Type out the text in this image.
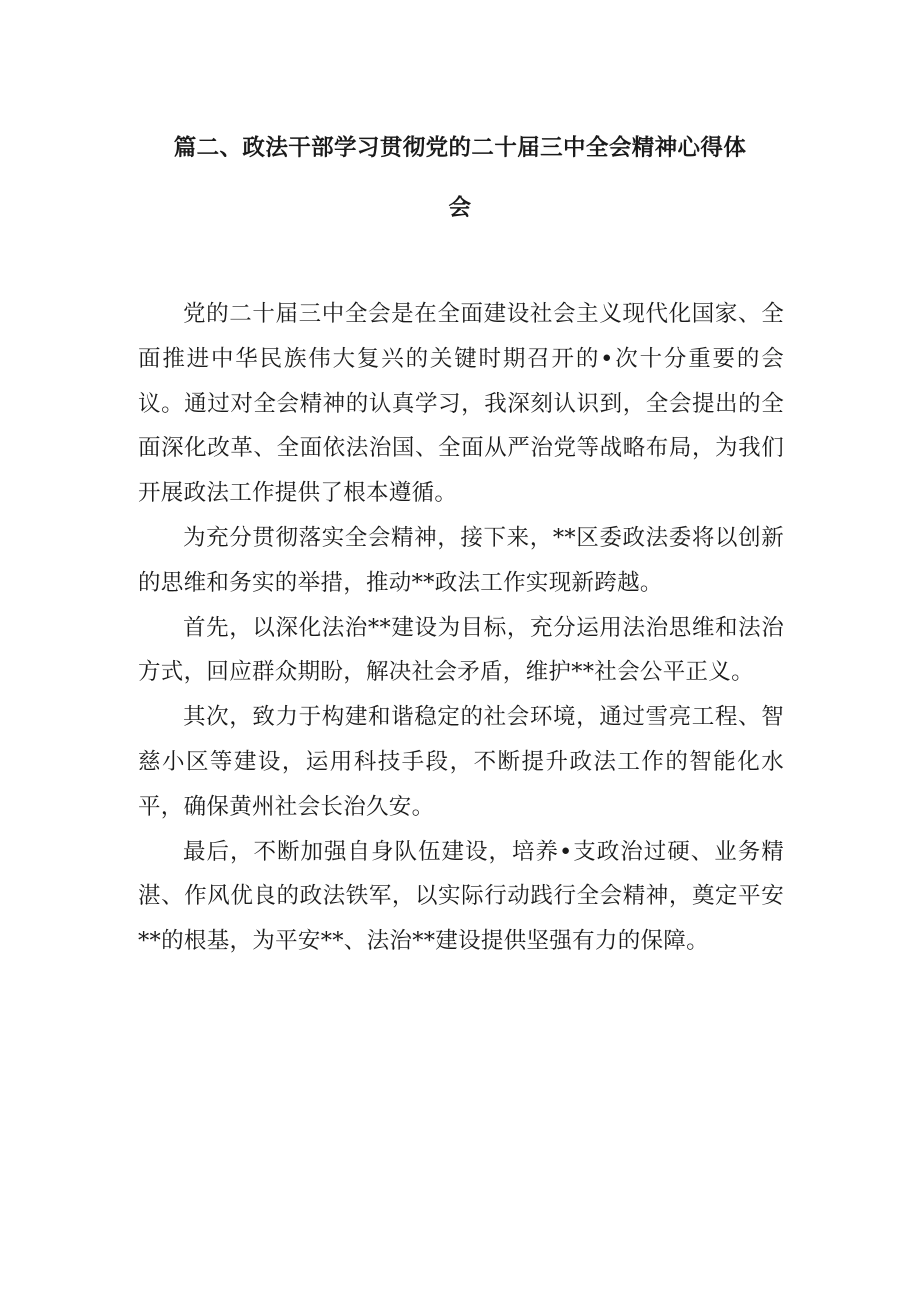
篇二、政法干部学习贯彻党的二十届三中全会精神心得体
会

党的二十届三中全会是在全面建设社会主义现代化国家、全面推进中华民族伟大复兴的关键时期召开的•次十分重要的会议。通过对全会精神的认真学习，我深刻认识到，全会提出的全面深化改革、全面依法治国、全面从严治党等战略布局，为我们开展政法工作提供了根本遵循。

为充分贯彻落实全会精神，接下来，**区委政法委将以创新的思维和务实的举措，推动**政法工作实现新跨越。

首先，以深化法治**建设为目标，充分运用法治思维和法治方式，回应群众期盼，解决社会矛盾，维护**社会公平正义。

其次，致力于构建和谐稳定的社会环境，通过雪亮工程、智慈小区等建设，运用科技手段，不断提升政法工作的智能化水平，确保黄州社会长治久安。

最后，不断加强自身队伍建设，培养•支政治过硬、业务精湛、作风优良的政法铁军，以实际行动践行全会精神，奠定平安**的根基，为平安**、法治**建设提供坚强有力的保障。
